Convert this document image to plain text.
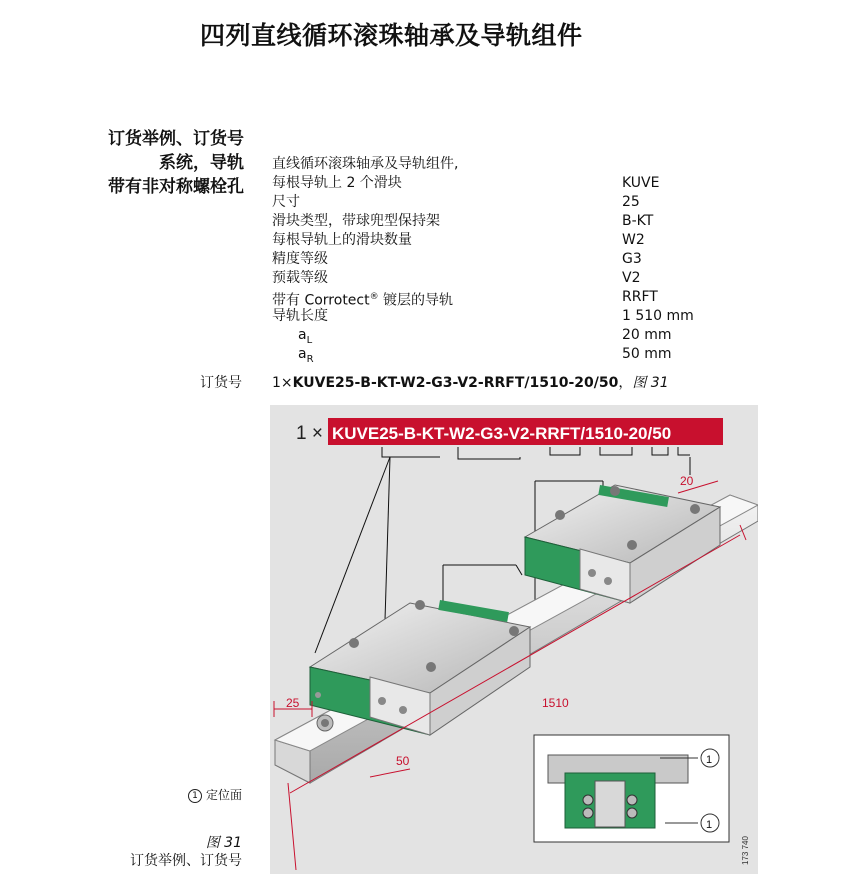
四列直线循环滚珠轴承及导轨组件
订货举例、订货号
系统，导轨
带有非对称螺栓孔
直线循环滚珠轴承及导轨组件,
每根导轨上 2 个滑块	KUVE
尺寸	25
滑块类型，带球兜型保持架	B-KT
每根导轨上的滑块数量	W2
精度等级	G3
预载等级	V2
带有 Corrotect® 镀层的导轨	RRFT
导轨长度	1 510 mm
$a_L$	20 mm
$a_R$	50 mm
订货号 1×KUVE25-B-KT-W2-G3-V2-RRFT/1510-20/50，图 31
1 × KUVE25-B-KT-W2-G3-V2-RRFT/1510-20/50
25
20
1510
50	1
1
173 740
1 定位面
图 31
订货举例、订货号
